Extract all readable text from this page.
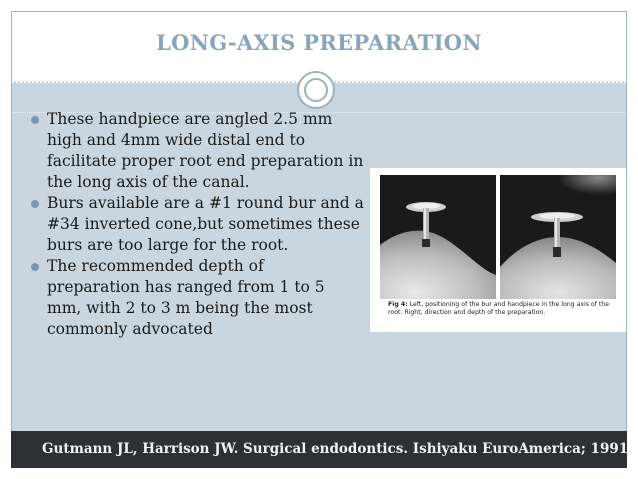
LONG-AXIS PREPARATION
These handpiece are angled 2.5 mm high and 4mm wide distal end to facilitate proper root end preparation in the long axis of the canal.
Burs available are a #1 round bur and a #34 inverted cone,but sometimes these burs are too large for the root.
The recommended depth of preparation has ranged from 1 to 5 mm, with 2 to 3 m being the most commonly advocated
Fig 4: Left, positioning of the bur and handpiece in the long axis of the root. Right, direction and depth of the preparation.
Gutmann JL, Harrison JW. Surgical endodontics. Ishiyaku EuroAmerica; 1991.
